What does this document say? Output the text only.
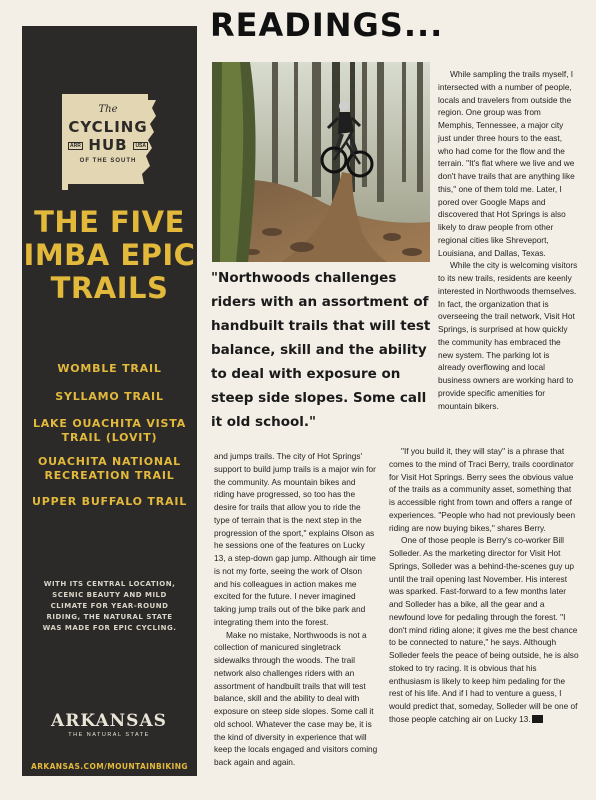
READINGS...
The
CYCLING
ARR HUB	USA
OF THE SOUTH
THE FIVE
IMBA EPIC
TRAILS
WOMBLE TRAIL
SYLLAMO TRAIL
LAKE OUACHITA VISTA TRAIL (LOVIT)
OUACHITA NATIONAL RECREATION TRAIL
UPPER BUFFALO TRAIL

WITH ITS CENTRAL LOCATION, SCENIC BEAUTY AND MILD CLIMATE FOR YEAR-ROUND RIDING, THE NATURAL STATE WAS MADE FOR EPIC CYCLING.

ARKANSAS
THE NATURAL STATE
ARKANSAS.COM/MOUNTAINBIKING
"Northwoods challenges riders with an assortment of handbuilt trails that will test balance, skill and the ability to deal with exposure on steep side slopes. Some call it old school."

While sampling the trails myself, I intersected with a number of people, locals and travelers from outside the region. One group was from Memphis, Tennessee, a major city just under three hours to the east, who had come for the flow and the terrain. "It's flat where we live and we don't have trails that are anything like this," one of them told me. Later, I pored over Google Maps and discovered that Hot Springs is also likely to draw people from other regional cities like Shreveport, Louisiana, and Dallas, Texas.

While the city is welcoming visitors to its new trails, residents are keenly interested in Northwoods themselves. In fact, the organization that is overseeing the trail network, Visit Hot Springs, is surprised at how quickly the community has embraced the new system. The parking lot is already overflowing and local business owners are working hard to provide specific amenities for mountain bikers.

and jumps trails. The city of Hot Springs' support to build jump trails is a major win for the community. As mountain bikes and riding have progressed, so too has the desire for trails that allow you to ride the type of terrain that is the next step in the progression of the sport," explains Olson as he sessions one of the features on Lucky 13, a step-down gap jump. Although air time is not my forte, seeing the work of Olson and his colleagues in action makes me excited for the future. I never imagined taking jump trails out of the bike park and integrating them into the forest.

Make no mistake, Northwoods is not a collection of manicured singletrack sidewalks through the woods. The trail network also challenges riders with an assortment of handbuilt trails that will test balance, skill and the ability to deal with exposure on steep side slopes. Some call it old school. Whatever the case may be, it is the kind of diversity in experience that will keep the locals engaged and visitors coming back again and again.

"If you build it, they will stay" is a phrase that comes to the mind of Traci Berry, trails coordinator for Visit Hot Springs. Berry sees the obvious value of the trails as a community asset, something that is accessible right from town and offers a range of experiences. "People who had not previously been riding are now buying bikes," shares Berry.

One of those people is Berry's co-worker Bill Solleder. As the marketing director for Visit Hot Springs, Solleder was a behind-the-scenes guy up until the trail opening last November. His interest was sparked. Fast-forward to a few months later and Solleder has a bike, all the gear and a newfound love for pedaling through the forest. "I don't mind riding alone; it gives me the best chance to be connected to nature," he says. Although Solleder feels the peace of being outside, he is also stoked to try racing. It is obvious that his enthusiasm is likely to keep him pedaling for the rest of his life. And if I had to venture a guess, I would predict that, someday, Solleder will be one of those people catching air on Lucky 13.
